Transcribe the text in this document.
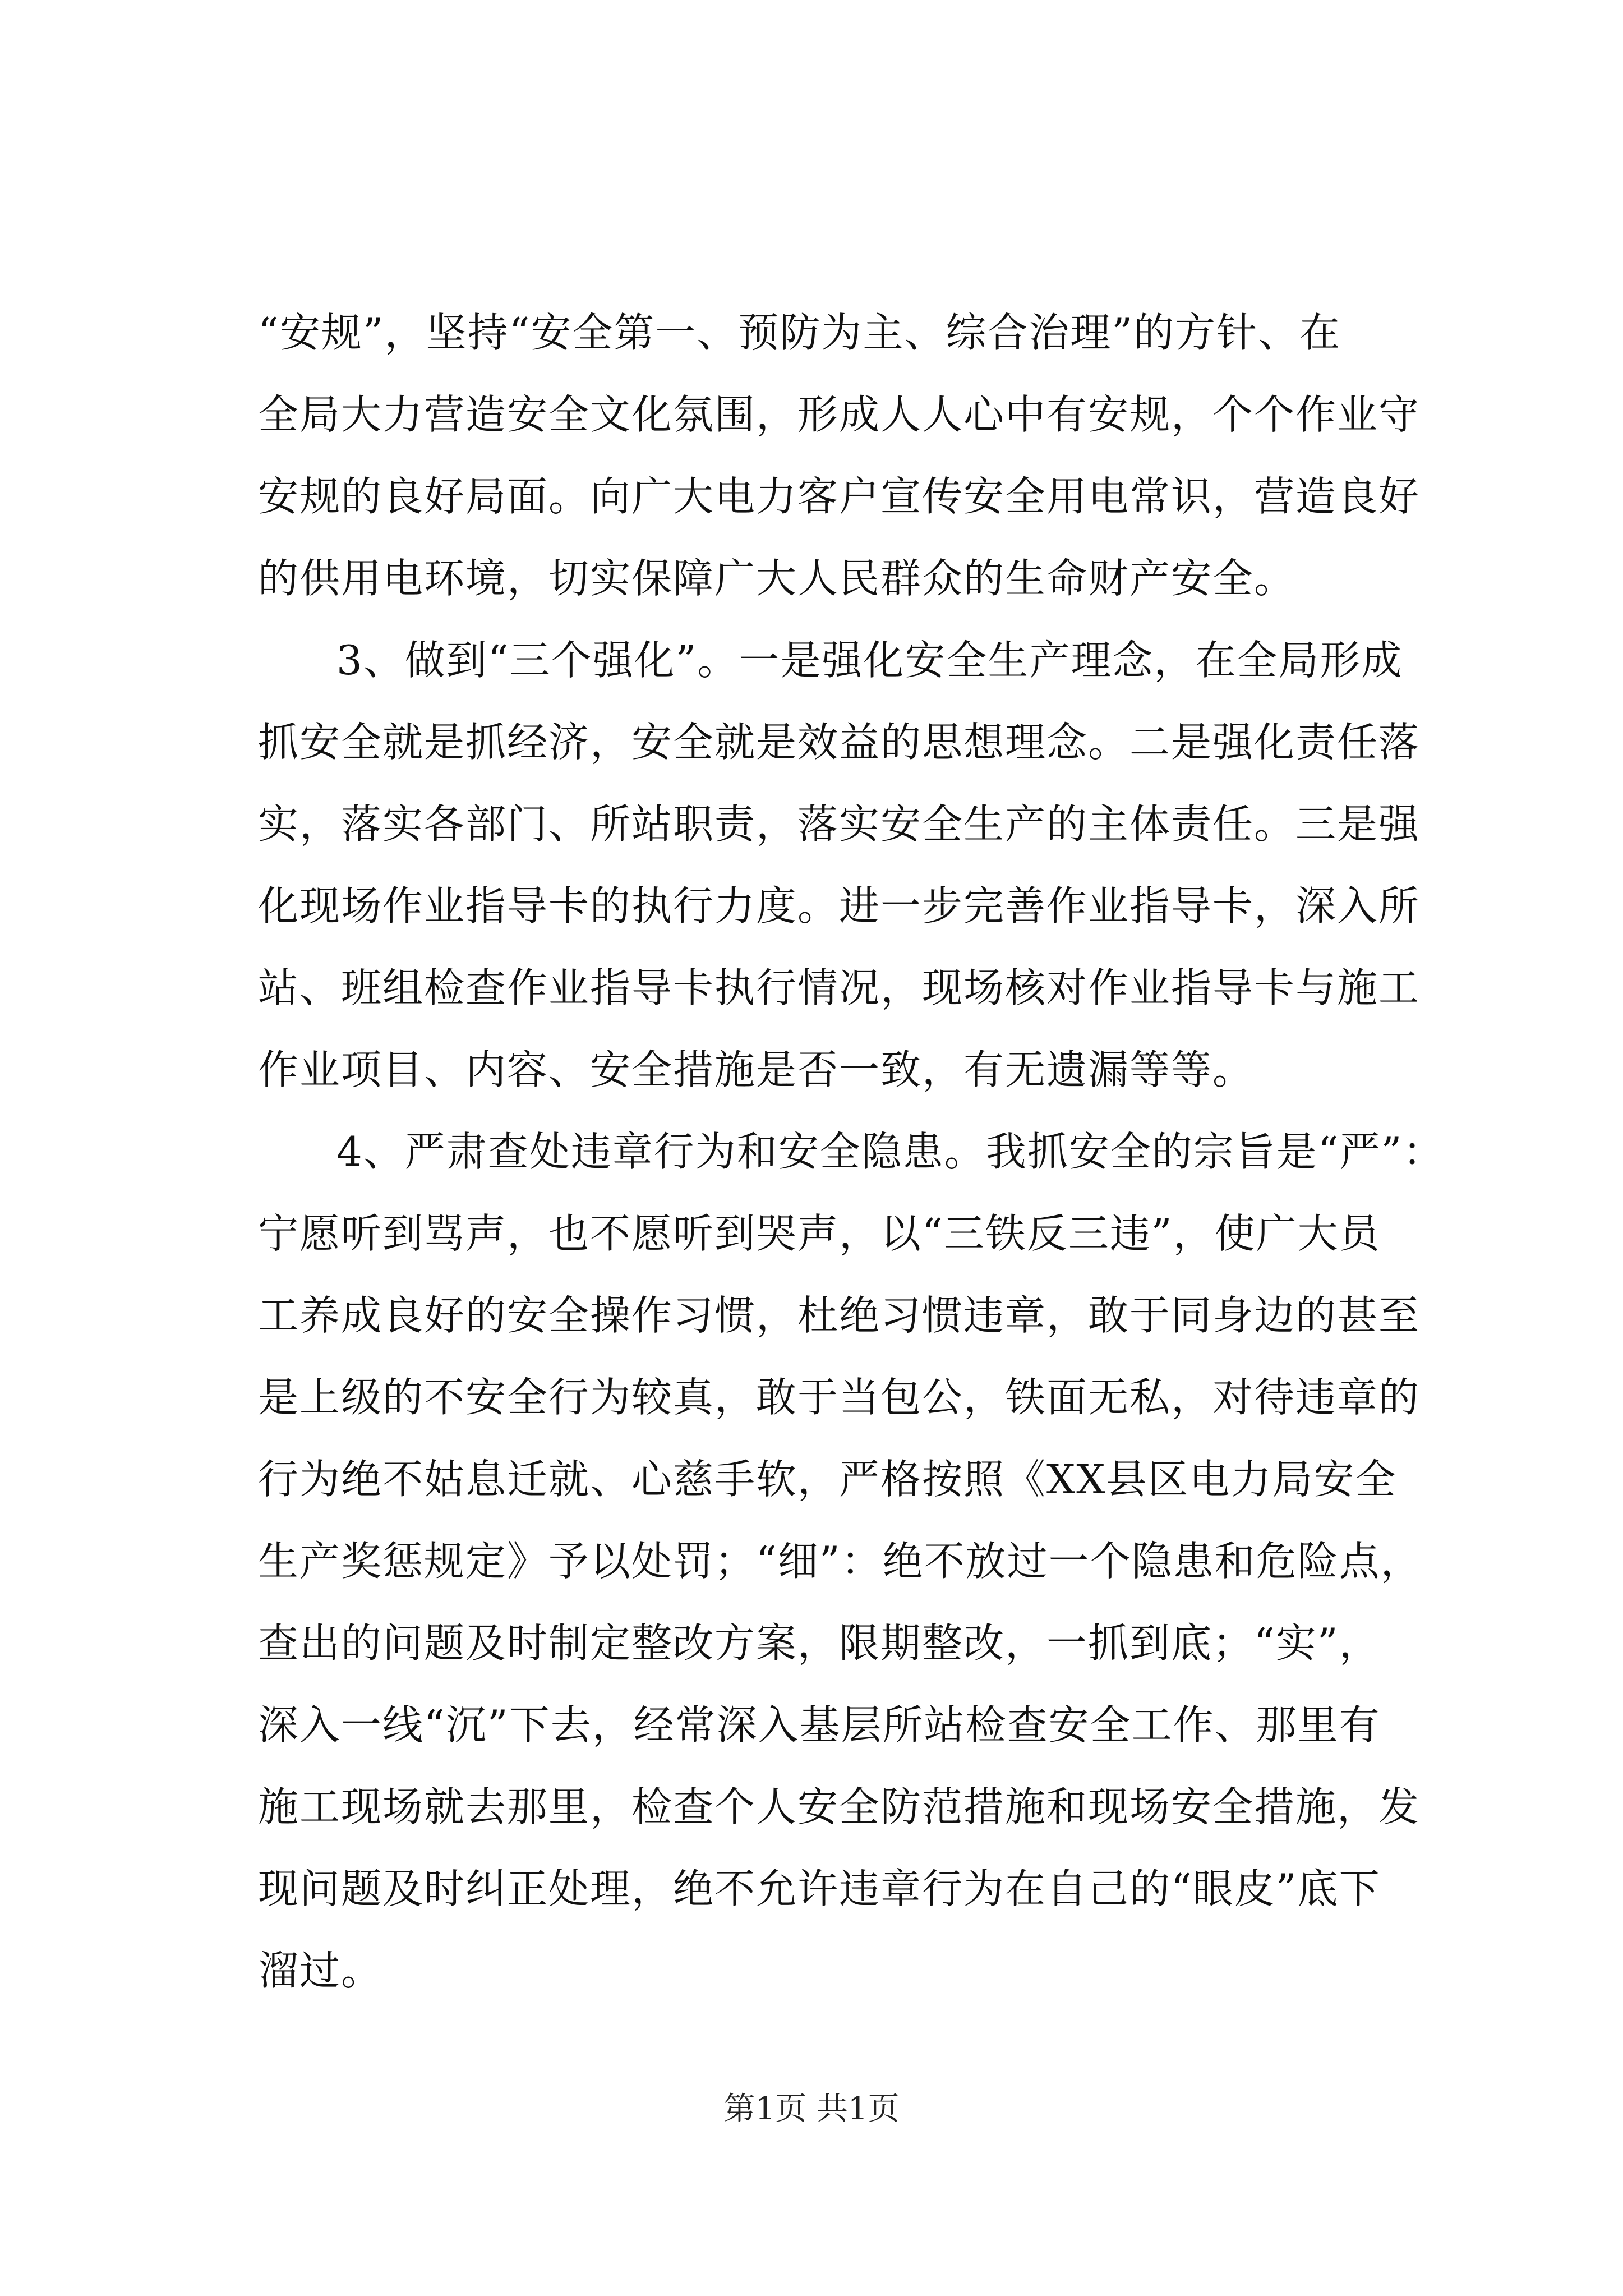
“安规”，坚持“安全第一、预防为主、综合治理”的方针、在
全局大力营造安全文化氛围，形成人人心中有安规，个个作业守
安规的良好局面。向广大电力客户宣传安全用电常识，营造良好
的供用电环境，切实保障广大人民群众的生命财产安全。
3、做到“三个强化”。一是强化安全生产理念，在全局形成
抓安全就是抓经济，安全就是效益的思想理念。二是强化责任落
实，落实各部门、所站职责，落实安全生产的主体责任。三是强
化现场作业指导卡的执行力度。进一步完善作业指导卡，深入所
站、班组检查作业指导卡执行情况，现场核对作业指导卡与施工
作业项目、内容、安全措施是否一致，有无遗漏等等。
4、严肃查处违章行为和安全隐患。我抓安全的宗旨是“严”：
宁愿听到骂声，也不愿听到哭声，以“三铁反三违”，使广大员
工养成良好的安全操作习惯，杜绝习惯违章，敢于同身边的甚至
是上级的不安全行为较真，敢于当包公，铁面无私，对待违章的
行为绝不姑息迁就、心慈手软，严格按照《XX县区电力局安全
生产奖惩规定》予以处罚；“细”：绝不放过一个隐患和危险点，
查出的问题及时制定整改方案，限期整改，一抓到底；“实”，
深入一线“沉”下去，经常深入基层所站检查安全工作、那里有
施工现场就去那里，检查个人安全防范措施和现场安全措施，发
现问题及时纠正处理，绝不允许违章行为在自己的“眼皮”底下
溜过。
第1页 共1页
